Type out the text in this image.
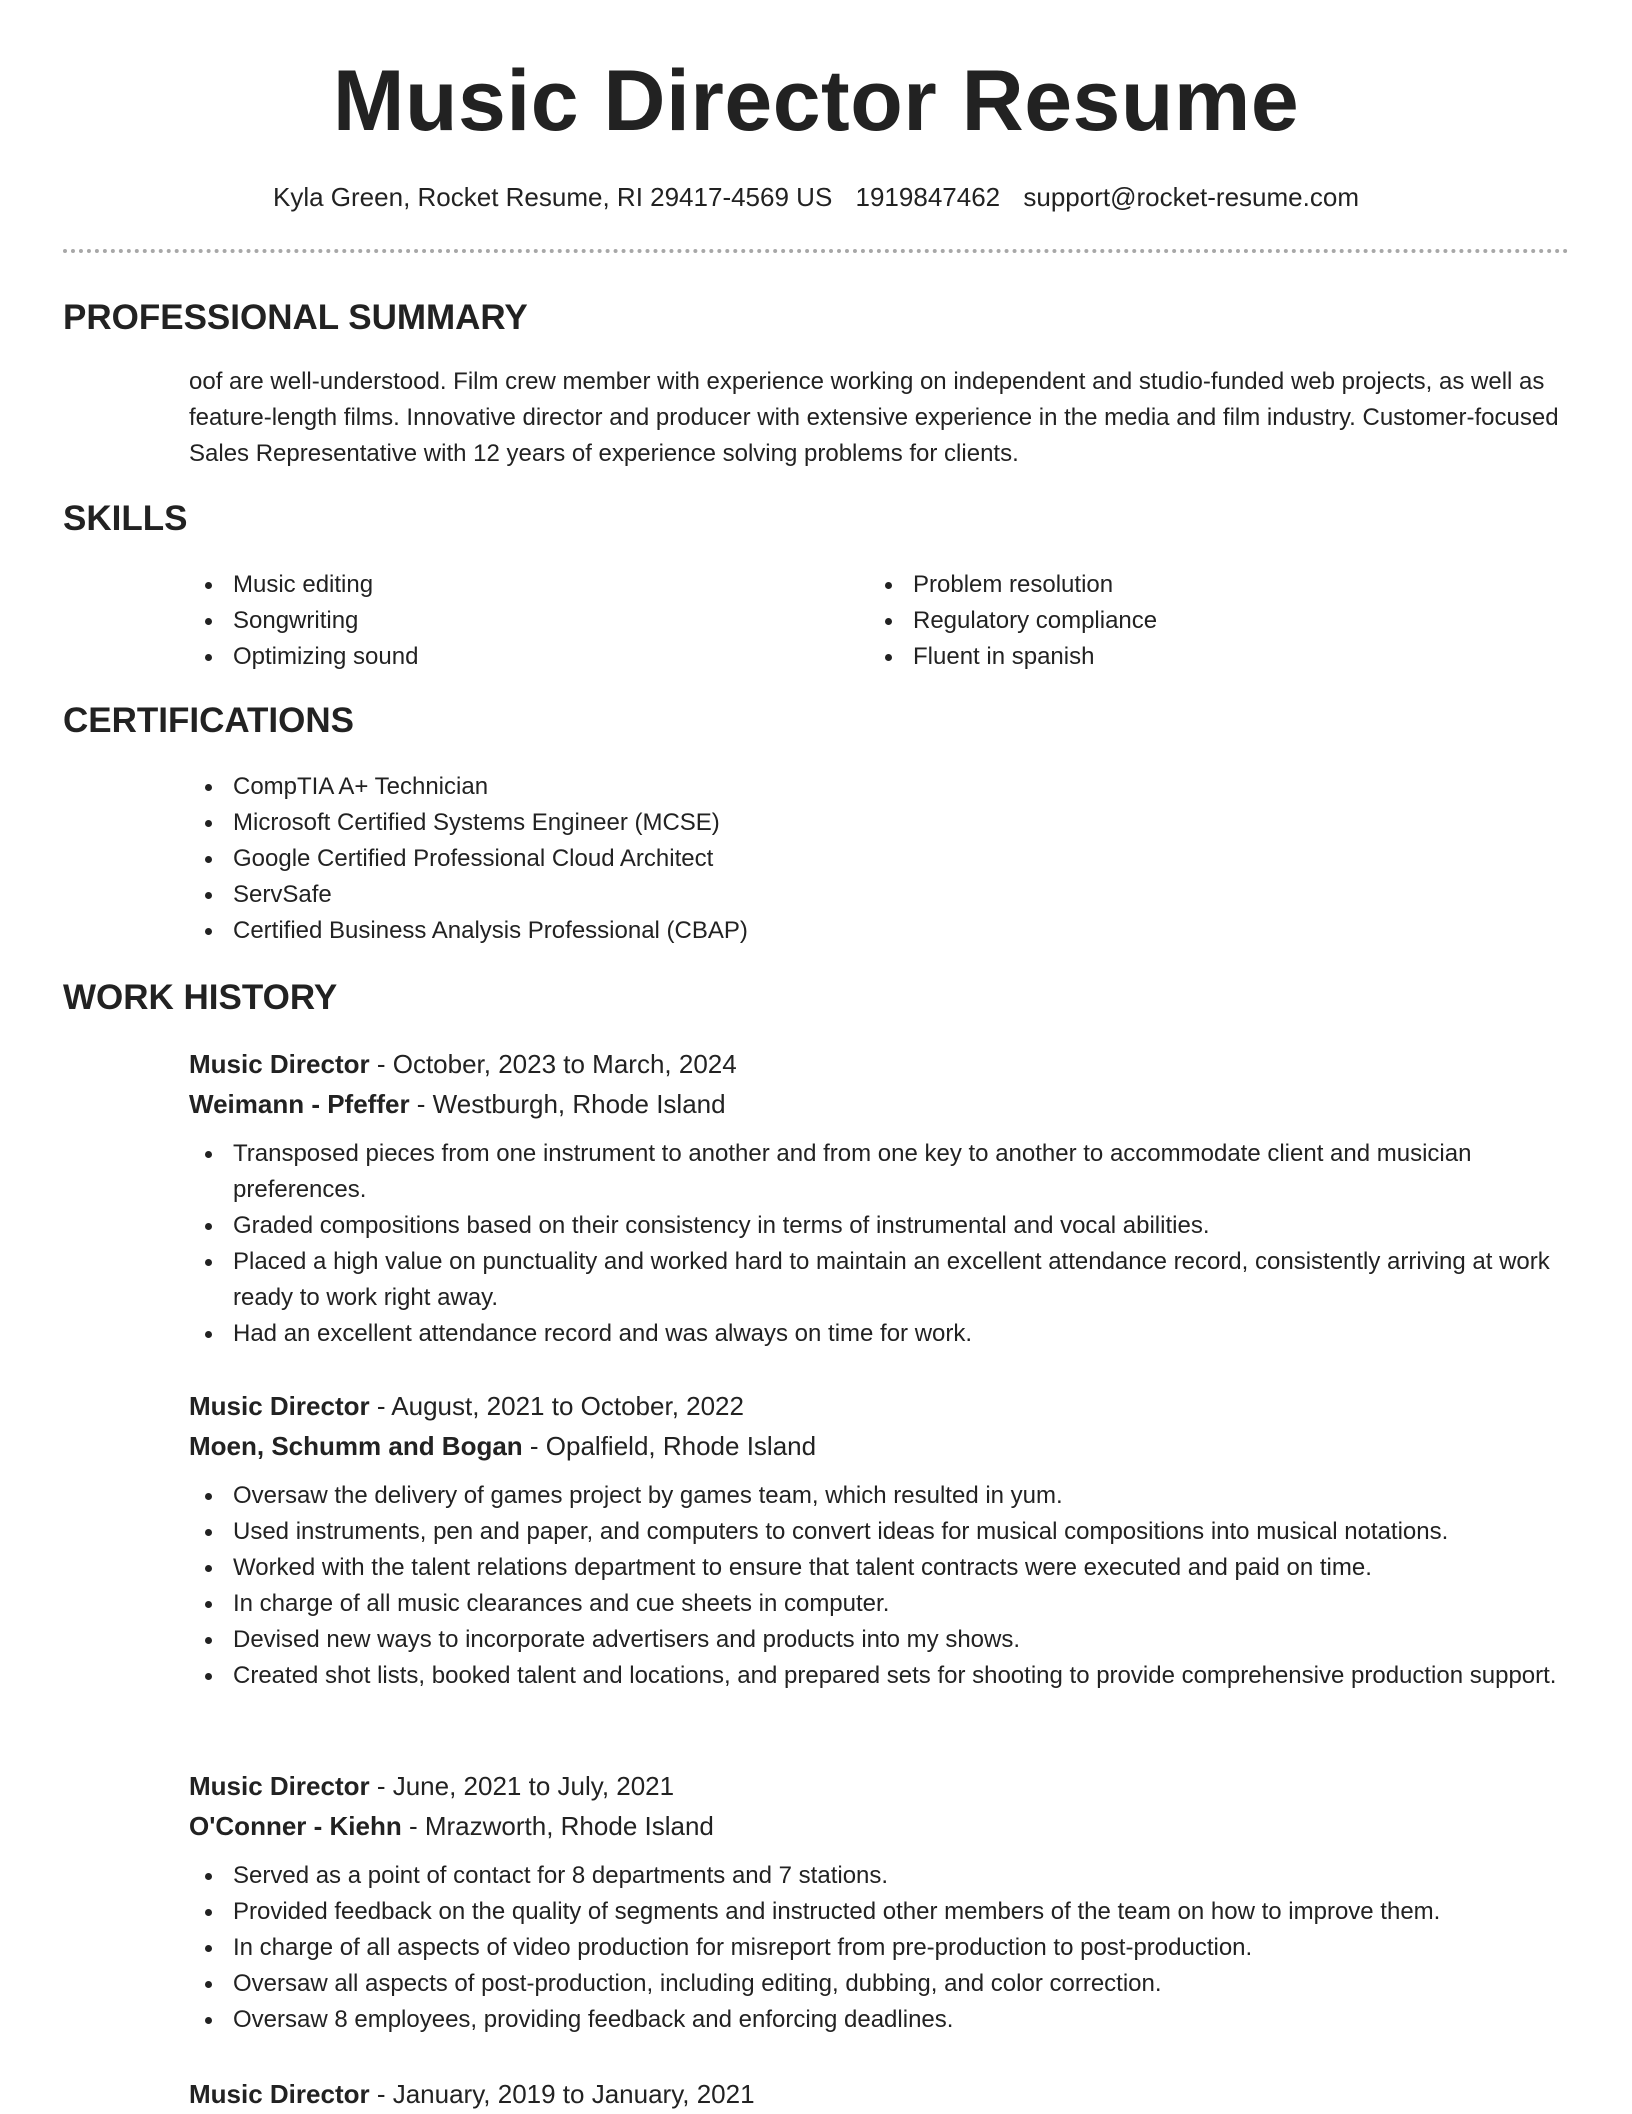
Music Director Resume
Kyla Green, Rocket Resume, RI 29417-4569 US 1919847462 support@rocket-resume.com
PROFESSIONAL SUMMARY

oof are well-understood. Film crew member with experience working on independent and studio-funded web projects, as well as feature-length films. Innovative director and producer with extensive experience in the media and film industry. Customer-focused Sales Representative with 12 years of experience solving problems for clients.

SKILLS
Music editing
Songwriting
Optimizing sound
Problem resolution
Regulatory compliance
Fluent in spanish
CERTIFICATIONS
CompTIA A+ Technician
Microsoft Certified Systems Engineer (MCSE)
Google Certified Professional Cloud Architect
ServSafe
Certified Business Analysis Professional (CBAP)
WORK HISTORY
Music Director - October, 2023 to March, 2024
Weimann - Pfeffer - Westburgh, Rhode Island
Transposed pieces from one instrument to another and from one key to another to accommodate client and musician preferences.
Graded compositions based on their consistency in terms of instrumental and vocal abilities.
Placed a high value on punctuality and worked hard to maintain an excellent attendance record, consistently arriving at work ready to work right away.
Had an excellent attendance record and was always on time for work.
Music Director - August, 2021 to October, 2022
Moen, Schumm and Bogan - Opalfield, Rhode Island
Oversaw the delivery of games project by games team, which resulted in yum.
Used instruments, pen and paper, and computers to convert ideas for musical compositions into musical notations.
Worked with the talent relations department to ensure that talent contracts were executed and paid on time.
In charge of all music clearances and cue sheets in computer.
Devised new ways to incorporate advertisers and products into my shows.
Created shot lists, booked talent and locations, and prepared sets for shooting to provide comprehensive production support.
Music Director - June, 2021 to July, 2021
O'Conner - Kiehn - Mrazworth, Rhode Island
Served as a point of contact for 8 departments and 7 stations.
Provided feedback on the quality of segments and instructed other members of the team on how to improve them.
In charge of all aspects of video production for misreport from pre-production to post-production.
Oversaw all aspects of post-production, including editing, dubbing, and color correction.
Oversaw 8 employees, providing feedback and enforcing deadlines.
Music Director - January, 2019 to January, 2021
